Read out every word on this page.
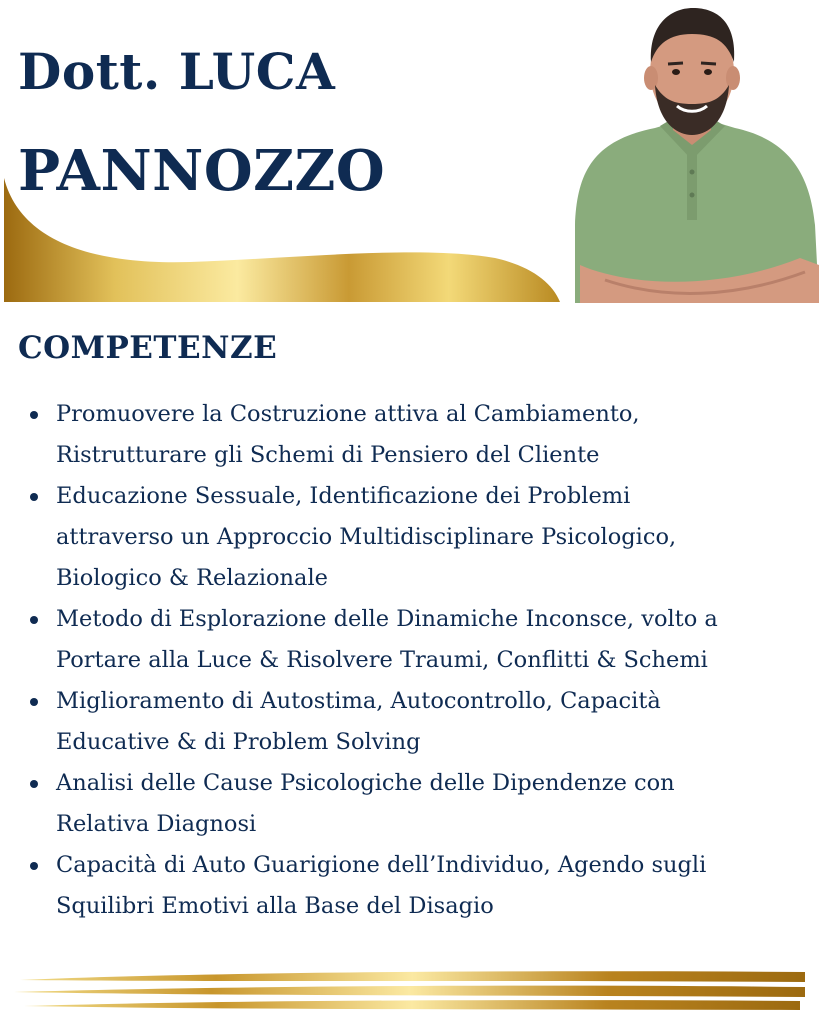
Dott. LUCA
PANNOZZO
COMPETENZE
Promuovere la Costruzione attiva al Cambiamento,
Ristrutturare gli Schemi di Pensiero del Cliente
Educazione Sessuale, Identificazione dei Problemi
attraverso un Approccio Multidisciplinare Psicologico,
Biologico & Relazionale
Metodo di Esplorazione delle Dinamiche Inconsce, volto a
Portare alla Luce & Risolvere Traumi, Conflitti & Schemi
Miglioramento di Autostima, Autocontrollo, Capacità
Educative & di Problem Solving
Analisi delle Cause Psicologiche delle Dipendenze con
Relativa Diagnosi
Capacità di Auto Guarigione dell’Individuo, Agendo sugli
Squilibri Emotivi alla Base del Disagio
